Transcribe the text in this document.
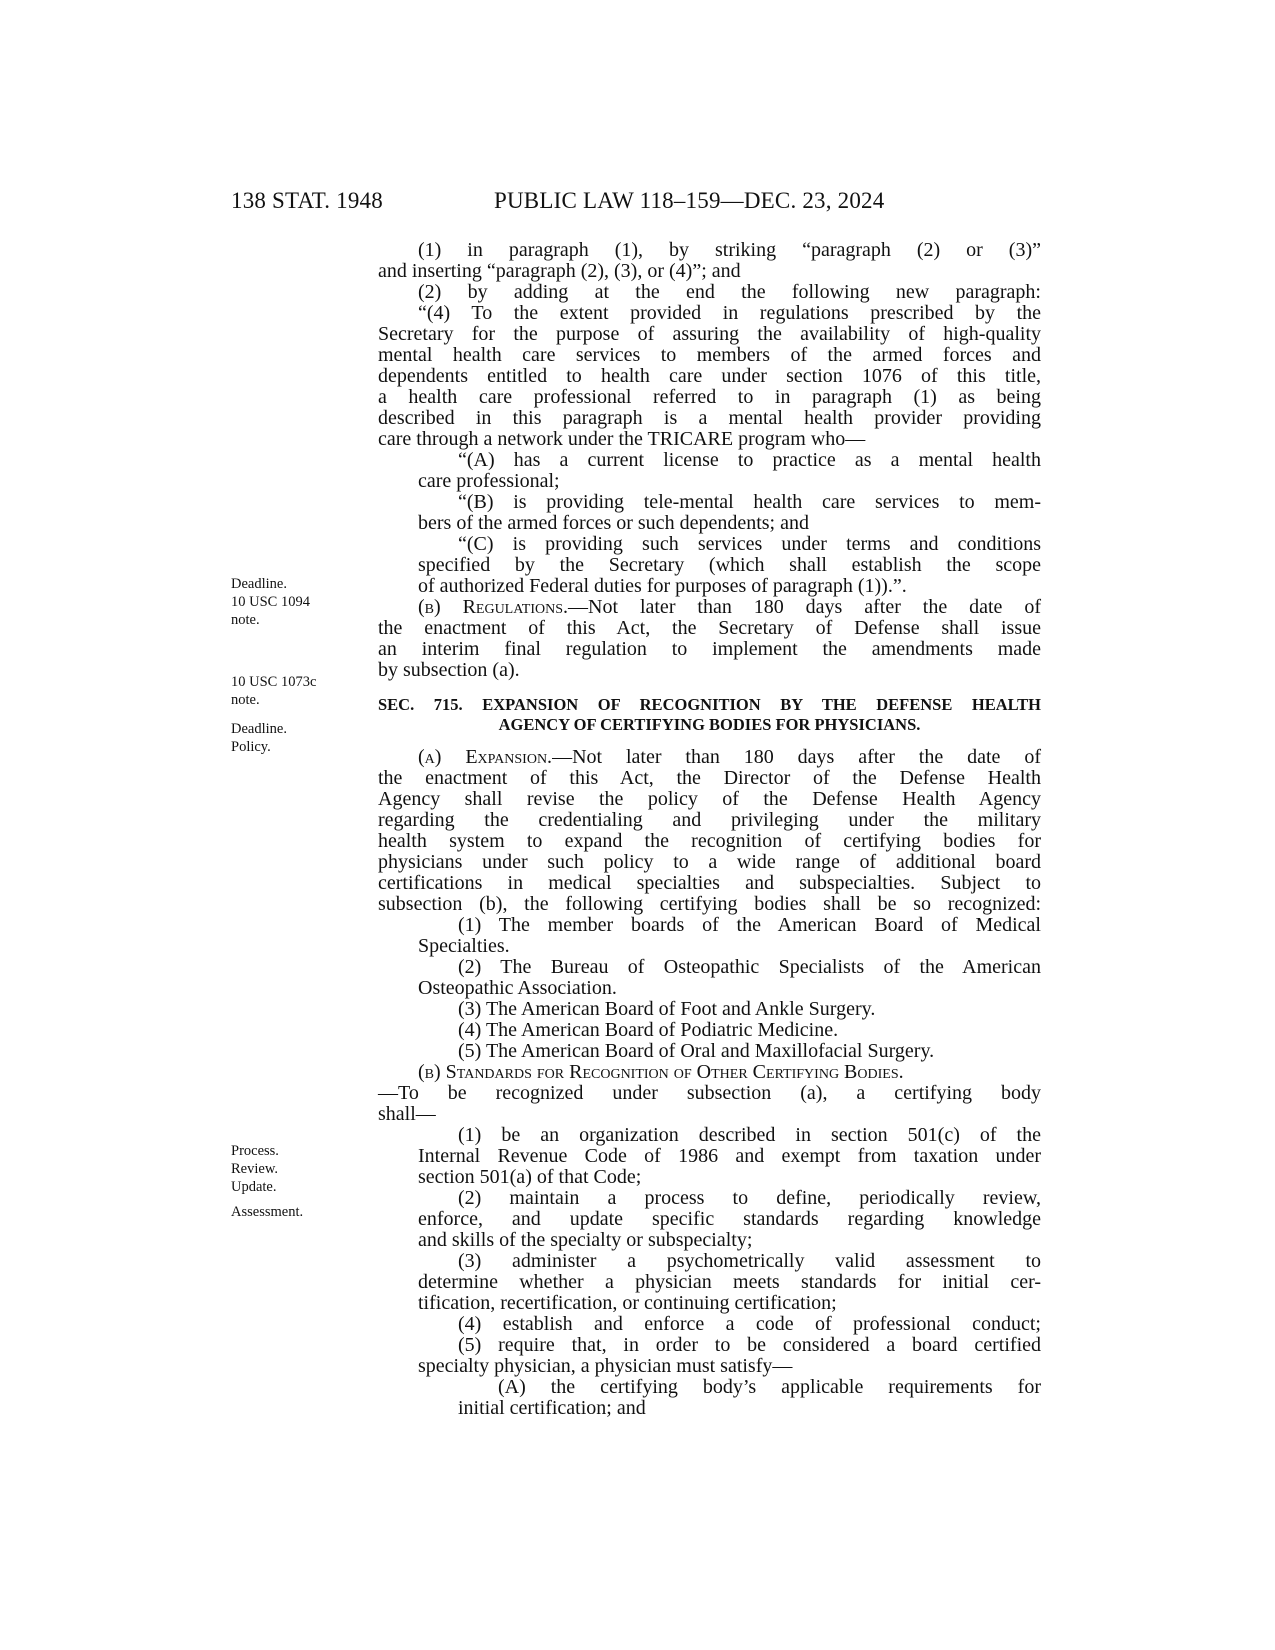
138 STAT. 1948	PUBLIC LAW 118–159—DEC. 23, 2024
Deadline.
10 USC 1094
note.
10 USC 1073c
note.
Deadline.
Policy.
Process.
Review.
Update.
Assessment.

(1) in paragraph (1), by striking “paragraph (2) or (3)”

and inserting “paragraph (2), (3), or (4)”; and

(2) by adding at the end the following new paragraph:

“(4) To the extent provided in regulations prescribed by the

Secretary for the purpose of assuring the availability of high-quality

mental health care services to members of the armed forces and

dependents entitled to health care under section 1076 of this title,

a health care professional referred to in paragraph (1) as being

described in this paragraph is a mental health provider providing

care through a network under the TRICARE program who—

“(A) has a current license to practice as a mental health

care professional;

“(B) is providing tele-mental health care services to mem-

bers of the armed forces or such dependents; and

“(C) is providing such services under terms and conditions

specified by the Secretary (which shall establish the scope

of authorized Federal duties for purposes of paragraph (1)).”.

(b) Regulations.—Not later than 180 days after the date of

the enactment of this Act, the Secretary of Defense shall issue

an interim final regulation to implement the amendments made

by subsection (a).

SEC. 715. EXPANSION OF RECOGNITION BY THE DEFENSE HEALTH
AGENCY OF CERTIFYING BODIES FOR PHYSICIANS.

(a) Expansion.—Not later than 180 days after the date of

the enactment of this Act, the Director of the Defense Health

Agency shall revise the policy of the Defense Health Agency

regarding the credentialing and privileging under the military

health system to expand the recognition of certifying bodies for

physicians under such policy to a wide range of additional board

certifications in medical specialties and subspecialties. Subject to

subsection (b), the following certifying bodies shall be so recognized:

(1) The member boards of the American Board of Medical

Specialties.

(2) The Bureau of Osteopathic Specialists of the American

Osteopathic Association.

(3) The American Board of Foot and Ankle Surgery.

(4) The American Board of Podiatric Medicine.

(5) The American Board of Oral and Maxillofacial Surgery.

(b) Standards for Recognition of Other Certifying Bodies.

—To be recognized under subsection (a), a certifying body

shall—

(1) be an organization described in section 501(c) of the

Internal Revenue Code of 1986 and exempt from taxation under

section 501(a) of that Code;

(2) maintain a process to define, periodically review,

enforce, and update specific standards regarding knowledge

and skills of the specialty or subspecialty;

(3) administer a psychometrically valid assessment to

determine whether a physician meets standards for initial cer-

tification, recertification, or continuing certification;

(4) establish and enforce a code of professional conduct;

(5) require that, in order to be considered a board certified

specialty physician, a physician must satisfy—

(A) the certifying body’s applicable requirements for

initial certification; and
